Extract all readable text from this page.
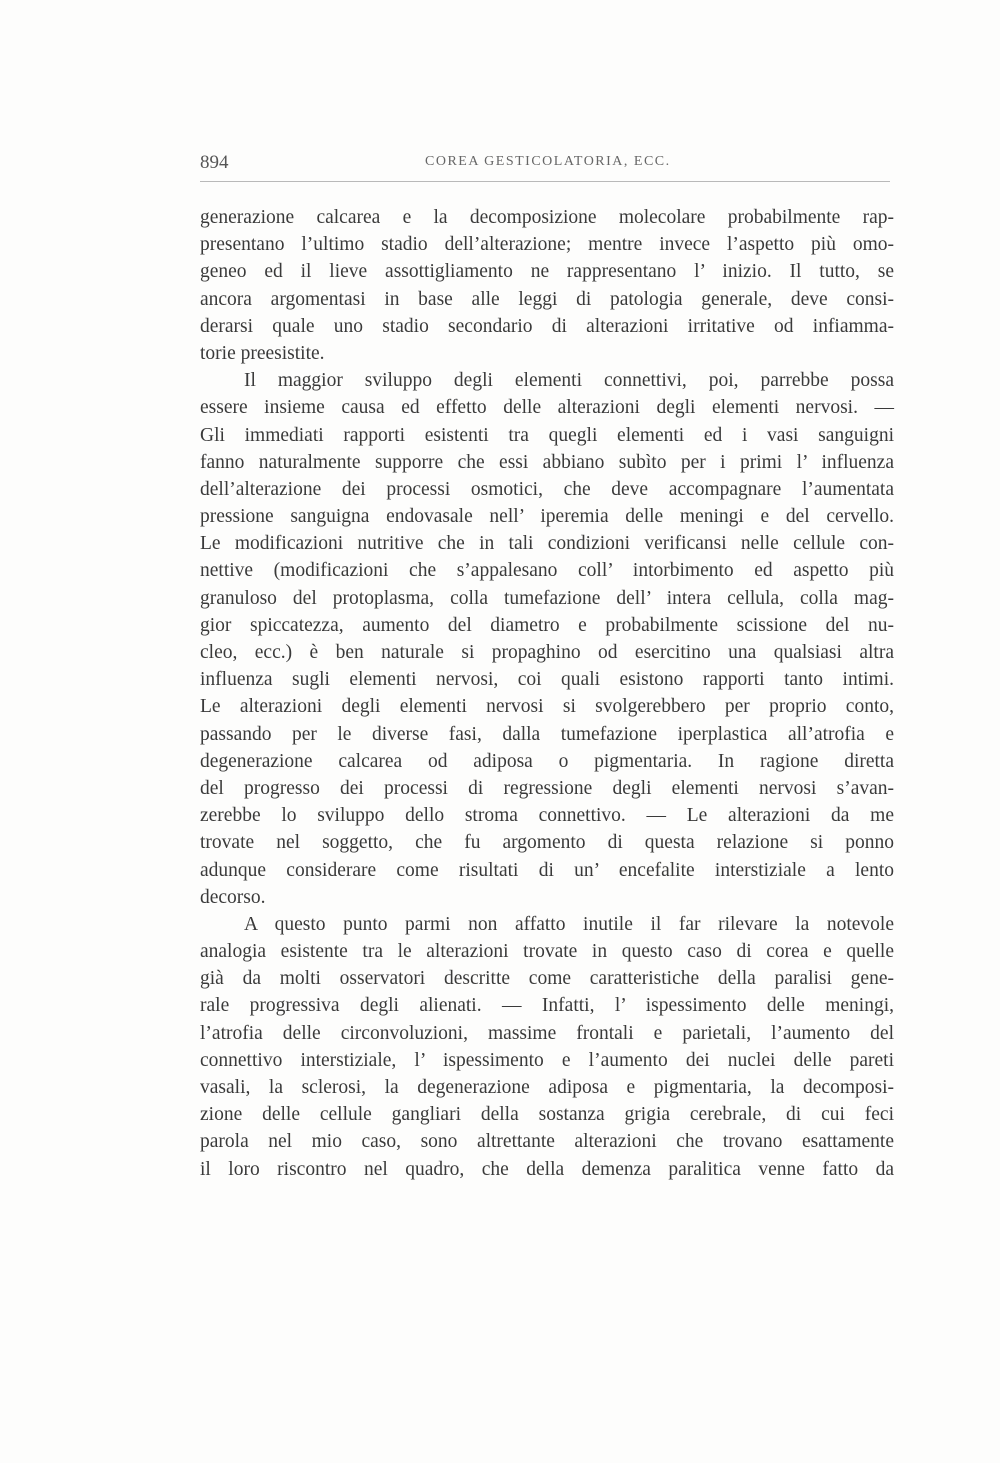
894	COREA GESTICOLATORIA, ECC.
generazione calcarea e la decomposizione molecolare probabilmente rap-
presentano l’ultimo stadio dell’alterazione; mentre invece l’aspetto più omo-
geneo ed il lieve assottigliamento ne rappresentano l’ inizio. Il tutto, se
ancora argomentasi in base alle leggi di patologia generale, deve consi-
derarsi quale uno stadio secondario di alterazioni irritative od infiamma-
torie preesistite.
Il maggior sviluppo degli elementi connettivi, poi, parrebbe possa
essere insieme causa ed effetto delle alterazioni degli elementi nervosi. —
Gli immediati rapporti esistenti tra quegli elementi ed i vasi sanguigni
fanno naturalmente supporre che essi abbiano subìto per i primi l’ influenza
dell’alterazione dei processi osmotici, che deve accompagnare l’aumentata
pressione sanguigna endovasale nell’ iperemia delle meningi e del cervello.
Le modificazioni nutritive che in tali condizioni verificansi nelle cellule con-
nettive (modificazioni che s’appalesano coll’ intorbimento ed aspetto più
granuloso del protoplasma, colla tumefazione dell’ intera cellula, colla mag-
gior spiccatezza, aumento del diametro e probabilmente scissione del nu-
cleo, ecc.) è ben naturale si propaghino od esercitino una qualsiasi altra
influenza sugli elementi nervosi, coi quali esistono rapporti tanto intimi.
Le alterazioni degli elementi nervosi si svolgerebbero per proprio conto,
passando per le diverse fasi, dalla tumefazione iperplastica all’atrofia e
degenerazione calcarea od adiposa o pigmentaria. In ragione diretta
del progresso dei processi di regressione degli elementi nervosi s’avan-
zerebbe lo sviluppo dello stroma connettivo. — Le alterazioni da me
trovate nel soggetto, che fu argomento di questa relazione si ponno
adunque considerare come risultati di un’ encefalite interstiziale a lento
decorso.
A questo punto parmi non affatto inutile il far rilevare la notevole
analogia esistente tra le alterazioni trovate in questo caso di corea e quelle
già da molti osservatori descritte come caratteristiche della paralisi gene-
rale progressiva degli alienati. — Infatti, l’ ispessimento delle meningi,
l’atrofia delle circonvoluzioni, massime frontali e parietali, l’aumento del
connettivo interstiziale, l’ ispessimento e l’aumento dei nuclei delle pareti
vasali, la sclerosi, la degenerazione adiposa e pigmentaria, la decomposi-
zione delle cellule gangliari della sostanza grigia cerebrale, di cui feci
parola nel mio caso, sono altrettante alterazioni che trovano esattamente
il loro riscontro nel quadro, che della demenza paralitica venne fatto da
